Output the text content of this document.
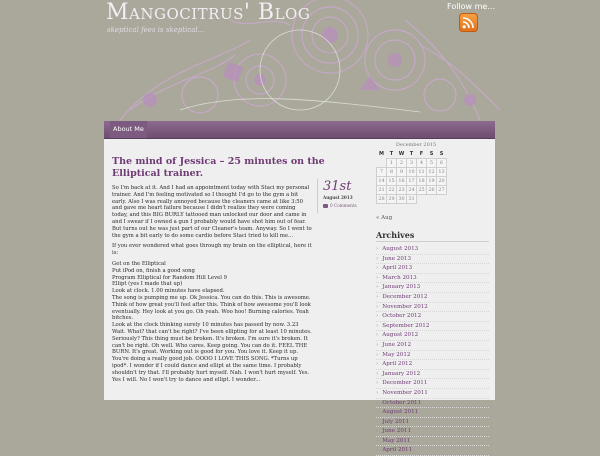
Mangocitrus' Blog
skeptical fees is skeptical...
Follow me...
About Me
The mind of Jessica – 25 minutes on the Elliptical trainer.
31st
August 2013
0 Comments

So I'm back at it. And I had an appointment today with Staci my personal trainer. And I'm feeling motivated so I thought I'd go to the gym a bit early. Also I was really annoyed because the cleaners came at like 3:50 and gave me heart failure because I didn't realize they were coming today, and this BIG BURLY tattooed man unlocked our door and came in and I swear if I owned a gun I probably would have shot him out of fear. But turns out he was just part of our Cleaner's team. Anyway. So I went to the gym a bit early to do some cardio before Staci tried to kill me...

If you ever wondered what goes through my brain on the elliptical, here it is:

Get on the Elliptical
Put iPod on, finish a good song
Program Elliptical for Random Hill Level 9
Ellipt (yes I made that up)
Look at clock. 1.00 minutes have elapsed.
The song is pumping me up. Ok Jessica. You can do this. This is awesome. Think of how great you'll feel after this. Think of how awesome you'll look eventually. Hey look at you go. Oh yeah. Woo hoo! Burning calories. Yeah bitches.
Look at the clock thinking surely 10 minutes has passed by now. 3.23
Wait. What? that can't be right? I've been ellipting for at least 10 minutes. Seriously? This thing must be broken. It's broken. I'm sure it's broken. It can't be right. Oh well. Who cares. Keep going. You can do it. FEEL THE BURN. It's great. Working out is good for you. You love it. Keep it up. You're doing a really good job. OOOO I LOVE THIS SONG. *Turns up ipod*. I wonder if I could dance and ellipt at the same time. I probably shouldn't try that. I'll probably hurt myself. Nah. I won't hurt myself. Yes. Yes I will. No I won't try to dance and ellipt. I wonder...
December 2015
M	T	W	T	F	S	S
	1	2	3	4	5	6
7	8	9	10	11	12	13
14	15	16	17	18	19	20
21	22	23	24	25	26	27
28	29	30	31			
« Aug
Archives
› August 2013
› June 2013
› April 2013
› March 2013
› January 2013
› December 2012
› November 2012
› October 2012
› September 2012
› August 2012
› June 2012
› May 2012
› April 2012
› January 2012
› December 2011
› November 2011
› October 2011
› August 2011
› July 2011
› June 2011
› May 2011
› April 2011
